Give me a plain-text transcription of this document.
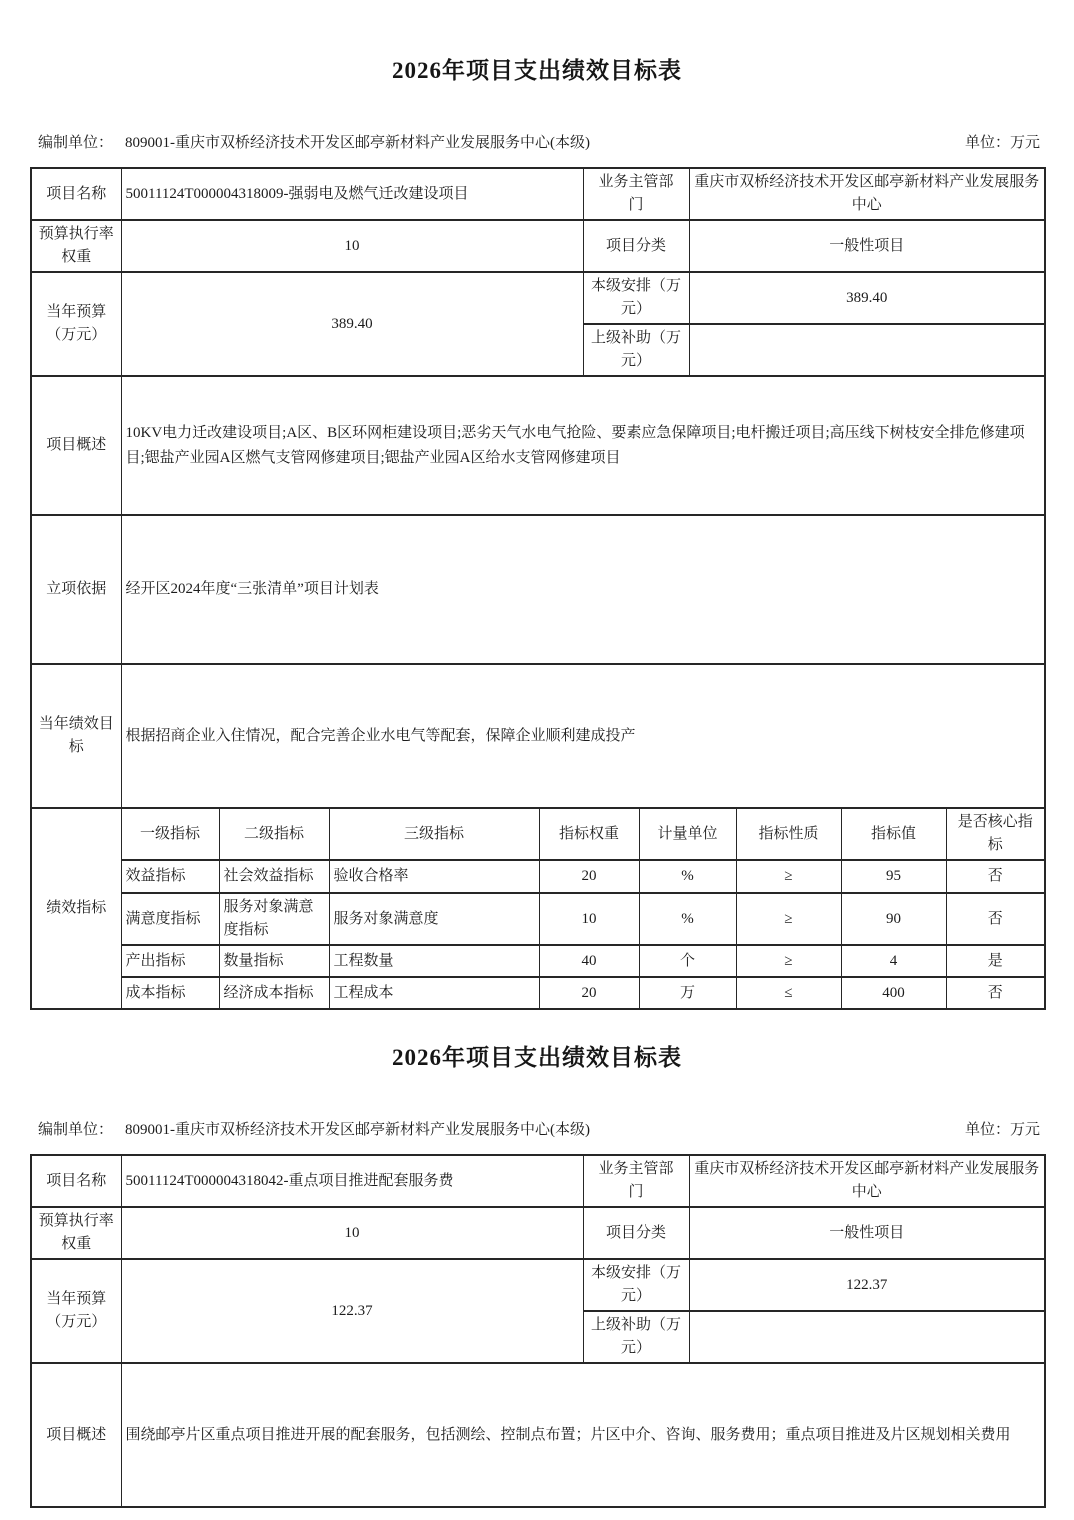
2026年项目支出绩效目标表
编制单位： 809001-重庆市双桥经济技术开发区邮亭新材料产业发展服务中心(本级)	单位：万元
项目名称	50011124T000004318009-强弱电及燃气迁改建设项目	业务主管部门	重庆市双桥经济技术开发区邮亭新材料产业发展服务中心
预算执行率权重	10	项目分类	一般性项目
当年预算（万元）	389.40	本级安排（万元）	389.40
		上级补助（万元）	
项目概述	10KV电力迁改建设项目;A区、B区环网柜建设项目;恶劣天气水电气抢险、要素应急保障项目;电杆搬迁项目;高压线下树枝安全排危修建项目;锶盐产业园A区燃气支管网修建项目;锶盐产业园A区给水支管网修建项目		
立项依据	经开区2024年度“三张清单”项目计划表		
当年绩效目标	根据招商企业入住情况，配合完善企业水电气等配套，保障企业顺利建成投产		
绩效指标	一级指标	二级指标	三级指标	指标权重	计量单位	指标性质	指标值	是否核心指标
	效益指标	社会效益指标	验收合格率	20	%	≥	95	否
	满意度指标	服务对象满意度指标	服务对象满意度	10	%	≥	90	否
	产出指标	数量指标	工程数量	40	个	≥	4	是
	成本指标	经济成本指标	工程成本	20	万	≤	400	否
2026年项目支出绩效目标表
编制单位： 809001-重庆市双桥经济技术开发区邮亭新材料产业发展服务中心(本级)	单位：万元
项目名称	50011124T000004318042-重点项目推进配套服务费	业务主管部门	重庆市双桥经济技术开发区邮亭新材料产业发展服务中心
预算执行率权重	10	项目分类	一般性项目
当年预算（万元）	122.37	本级安排（万元）	122.37
		上级补助（万元）	
项目概述	围绕邮亭片区重点项目推进开展的配套服务，包括测绘、控制点布置；片区中介、咨询、服务费用；重点项目推进及片区规划相关费用		
